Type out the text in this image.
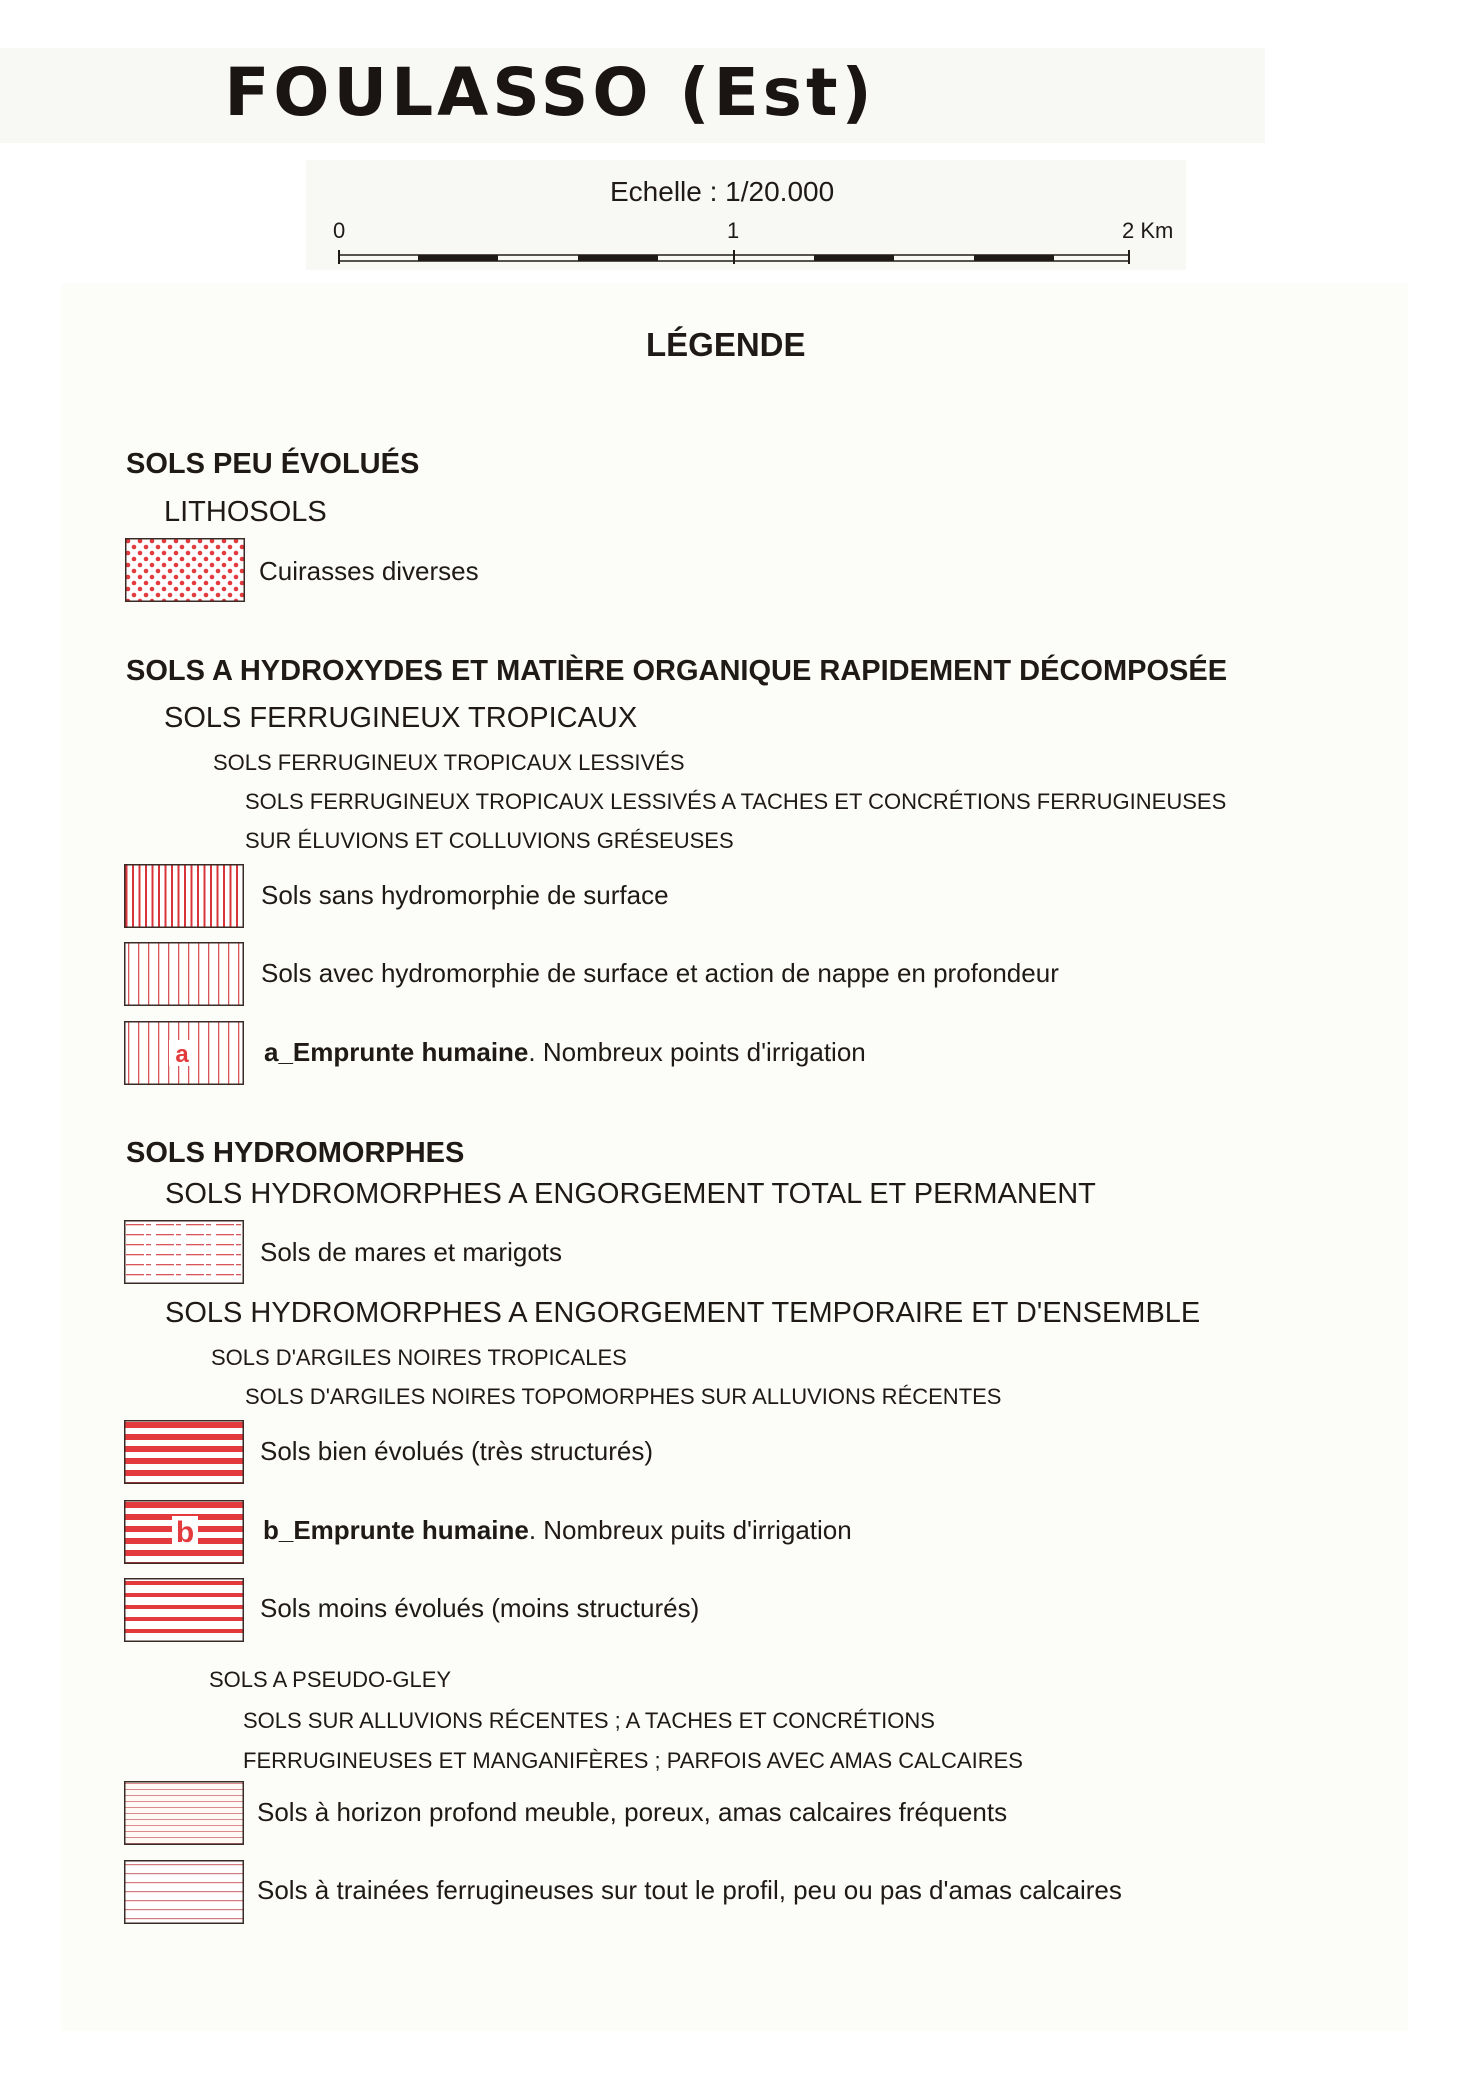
FOULASSO (Est)
Echelle : 1/20.000
0	1	2 Km
LÉGENDE
SOLS PEU ÉVOLUÉS
LITHOSOLS
Cuirasses diverses
SOLS A HYDROXYDES ET MATIÈRE ORGANIQUE RAPIDEMENT DÉCOMPOSÉE
SOLS FERRUGINEUX TROPICAUX
SOLS FERRUGINEUX TROPICAUX LESSIVÉS
SOLS FERRUGINEUX TROPICAUX LESSIVÉS A TACHES ET CONCRÉTIONS FERRUGINEUSES
SUR ÉLUVIONS ET COLLUVIONS GRÉSEUSES
Sols sans hydromorphie de surface
Sols avec hydromorphie de surface et action de nappe en profondeur
a	a_Emprunte humaine. Nombreux points d'irrigation
SOLS HYDROMORPHES
SOLS HYDROMORPHES A ENGORGEMENT TOTAL ET PERMANENT
Sols de mares et marigots
SOLS HYDROMORPHES A ENGORGEMENT TEMPORAIRE ET D'ENSEMBLE
SOLS D'ARGILES NOIRES TROPICALES
SOLS D'ARGILES NOIRES TOPOMORPHES SUR ALLUVIONS RÉCENTES
Sols bien évolués (très structurés)
b	b_Emprunte humaine. Nombreux puits d'irrigation
Sols moins évolués (moins structurés)
SOLS A PSEUDO-GLEY
SOLS SUR ALLUVIONS RÉCENTES ; A TACHES ET CONCRÉTIONS
FERRUGINEUSES ET MANGANIFÈRES ; PARFOIS AVEC AMAS CALCAIRES
Sols à horizon profond meuble, poreux, amas calcaires fréquents
Sols à trainées ferrugineuses sur tout le profil, peu ou pas d'amas calcaires
